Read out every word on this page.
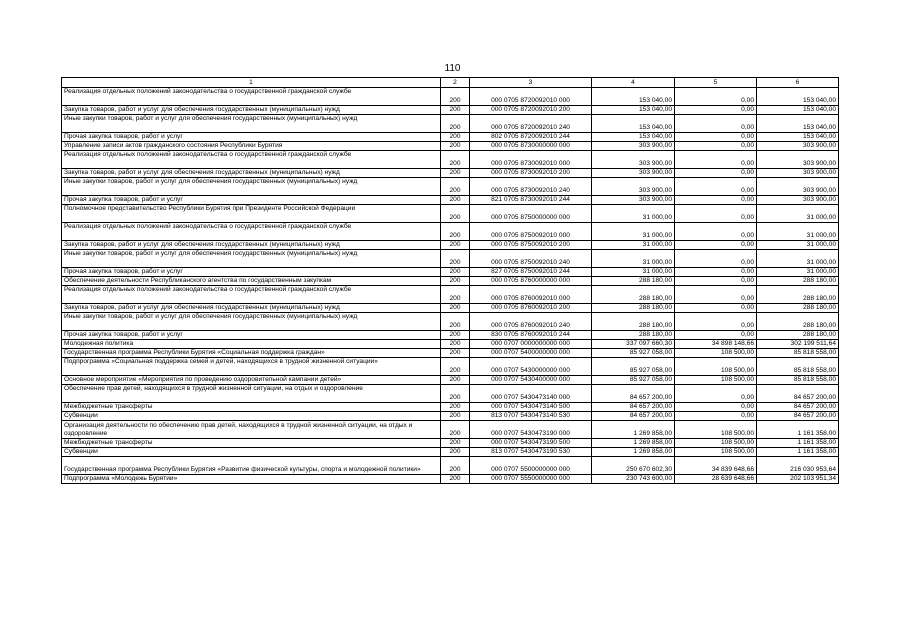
110
1	2	3	4	5	6
Реализация отдельных положений законодательства о государственной гражданской службе	200	000 0705 8720092010 000	153 040,00	0,00	153 040,00
Закупка товаров, работ и услуг для обеспечения государственных (муниципальных) нужд	200	000 0705 8720092010 200	153 040,00	0,00	153 040,00
Иные закупки товаров, работ и услуг для обеспечения государственных (муниципальных) нужд	200	000 0705 8720092010 240	153 040,00	0,00	153 040,00
Прочая закупка товаров, работ и услуг	200	802 0705 8720092010 244	153 040,00	0,00	153 040,00
Управление записи актов гражданского состояния Республики Бурятия	200	000 0705 8730000000 000	303 900,00	0,00	303 900,00
Реализация отдельных положений законодательства о государственной гражданской службе	200	000 0705 8730092010 000	303 900,00	0,00	303 900,00
Закупка товаров, работ и услуг для обеспечения государственных (муниципальных) нужд	200	000 0705 8730092010 200	303 900,00	0,00	303 900,00
Иные закупки товаров, работ и услуг для обеспечения государственных (муниципальных) нужд	200	000 0705 8730092010 240	303 900,00	0,00	303 900,00
Прочая закупка товаров, работ и услуг	200	821 0705 8730092010 244	303 900,00	0,00	303 900,00
Полномочное представительство Республики Бурятия при Президенте Российской Федерации	200	000 0705 8750000000 000	31 000,00	0,00	31 000,00
Реализация отдельных положений законодательства о государственной гражданской службе	200	000 0705 8750092010 000	31 000,00	0,00	31 000,00
Закупка товаров, работ и услуг для обеспечения государственных (муниципальных) нужд	200	000 0705 8750092010 200	31 000,00	0,00	31 000,00
Иные закупки товаров, работ и услуг для обеспечения государственных (муниципальных) нужд	200	000 0705 8750092010 240	31 000,00	0,00	31 000,00
Прочая закупка товаров, работ и услуг	200	827 0705 8750092010 244	31 000,00	0,00	31 000,00
Обеспечение деятельности Республиканского агентства по государственным закупкам	200	000 0705 8760000000 000	288 180,00	0,00	288 180,00
Реализация отдельных положений законодательства о государственной гражданской службе	200	000 0705 8760092010 000	288 180,00	0,00	288 180,00
Закупка товаров, работ и услуг для обеспечения государственных (муниципальных) нужд	200	000 0705 8760092010 200	288 180,00	0,00	288 180,00
Иные закупки товаров, работ и услуг для обеспечения государственных (муниципальных) нужд	200	000 0705 8760092010 240	288 180,00	0,00	288 180,00
Прочая закупка товаров, работ и услуг	200	830 0705 8760092010 244	288 180,00	0,00	288 180,00
Молодежная политика	200	000 0707 0000000000 000	337 097 660,30	34 898 148,66	302 199 511,64
Государственная программа Республики Бурятия «Социальная поддержка граждан»	200	000 0707 5400000000 000	85 927 058,00	108 500,00	85 818 558,00
Подпрограмма «Социальная поддержка семей и детей, находящихся в трудной жизненной ситуации»	200	000 0707 5430000000 000	85 927 058,00	108 500,00	85 818 558,00
Основное мероприятие «Мероприятия по проведению оздоровительной кампании детей»	200	000 0707 5430400000 000	85 927 058,00	108 500,00	85 818 558,00
Обеспечение прав детей, находящихся в трудной жизненной ситуации, на отдых и оздоровление	200	000 0707 5430473140 000	84 657 200,00	0,00	84 657 200,00
Межбюджетные трансферты	200	000 0707 5430473140 500	84 657 200,00	0,00	84 657 200,00
Субвенции	200	813 0707 5430473140 530	84 657 200,00	0,00	84 657 200,00
Организация деятельности по обеспечению прав детей, находящихся в трудной жизненной ситуации, на отдых и оздоровление	200	000 0707 5430473190 000	1 269 858,00	108 500,00	1 161 358,00
Межбюджетные трансферты	200	000 0707 5430473190 500	1 269 858,00	108 500,00	1 161 358,00
Субвенции	200	813 0707 5430473190 530	1 269 858,00	108 500,00	1 161 358,00
Государственная программа Республики Бурятия «Развитие физической культуры, спорта и молодежной политики»	200	000 0707 5500000000 000	250 670 602,30	34 839 648,66	216 030 953,64
Подпрограмма «Молодежь Бурятии»	200	000 0707 5550000000 000	230 743 600,00	28 639 648,66	202 103 951,34
